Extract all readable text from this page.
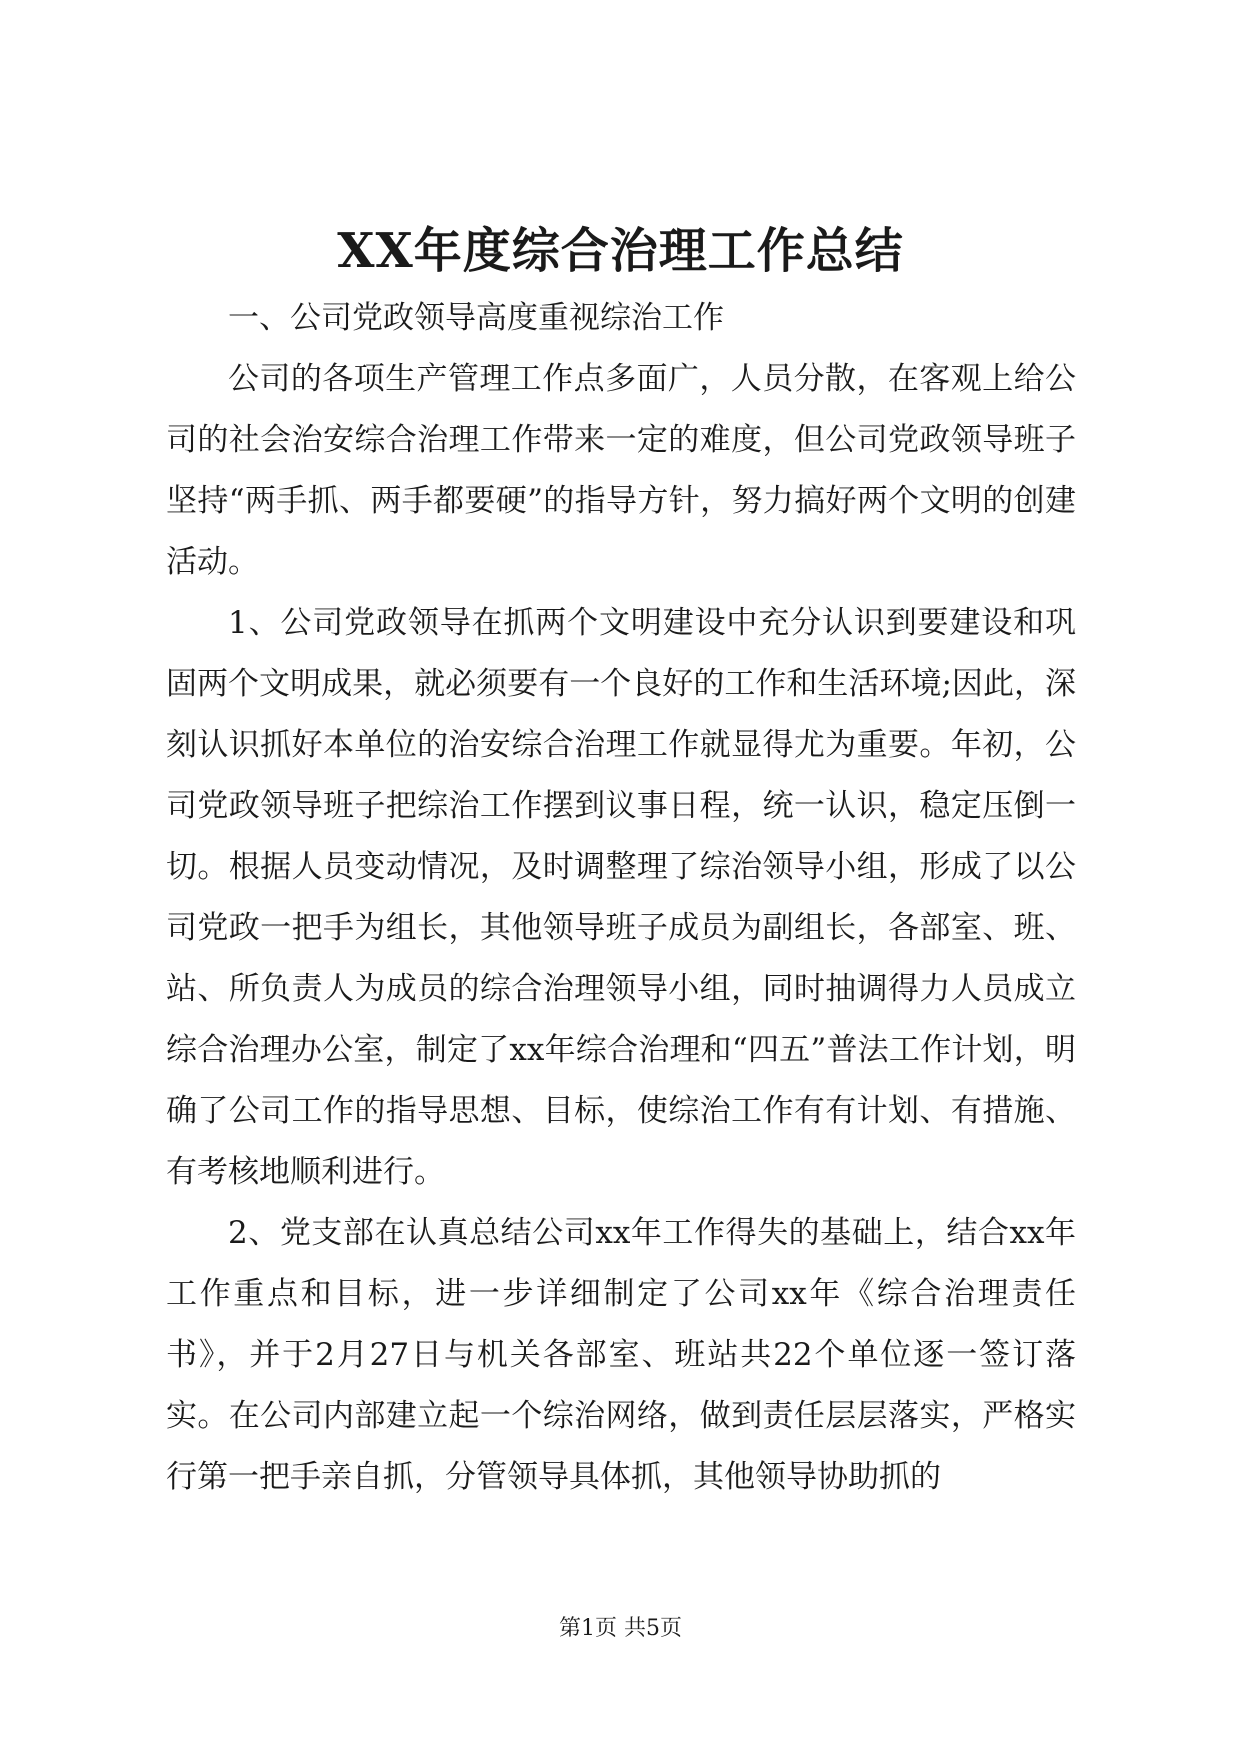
XX年度综合治理工作总结

一、公司党政领导高度重视综治工作

公司的各项生产管理工作点多面广，人员分散，在客观上给公司的社会治安综合治理工作带来一定的难度，但公司党政领导班子坚持“两手抓、两手都要硬”的指导方针，努力搞好两个文明的创建活动。

1、公司党政领导在抓两个文明建设中充分认识到要建设和巩固两个文明成果，就必须要有一个良好的工作和生活环境;因此，深刻认识抓好本单位的治安综合治理工作就显得尤为重要。年初，公司党政领导班子把综治工作摆到议事日程，统一认识，稳定压倒一切。根据人员变动情况，及时调整理了综治领导小组，形成了以公司党政一把手为组长，其他领导班子成员为副组长，各部室、班、站、所负责人为成员的综合治理领导小组，同时抽调得力人员成立综合治理办公室，制定了xx年综合治理和“四五”普法工作计划，明确了公司工作的指导思想、目标，使综治工作有有计划、有措施、有考核地顺利进行。

2、党支部在认真总结公司xx年工作得失的基础上，结合xx年工作重点和目标，进一步详细制定了公司xx年《综合治理责任书》，并于2月27日与机关各部室、班站共22个单位逐一签订落实。在公司内部建立起一个综治网络，做到责任层层落实，严格实行第一把手亲自抓，分管领导具体抓，其他领导协助抓的

第1页 共5页
